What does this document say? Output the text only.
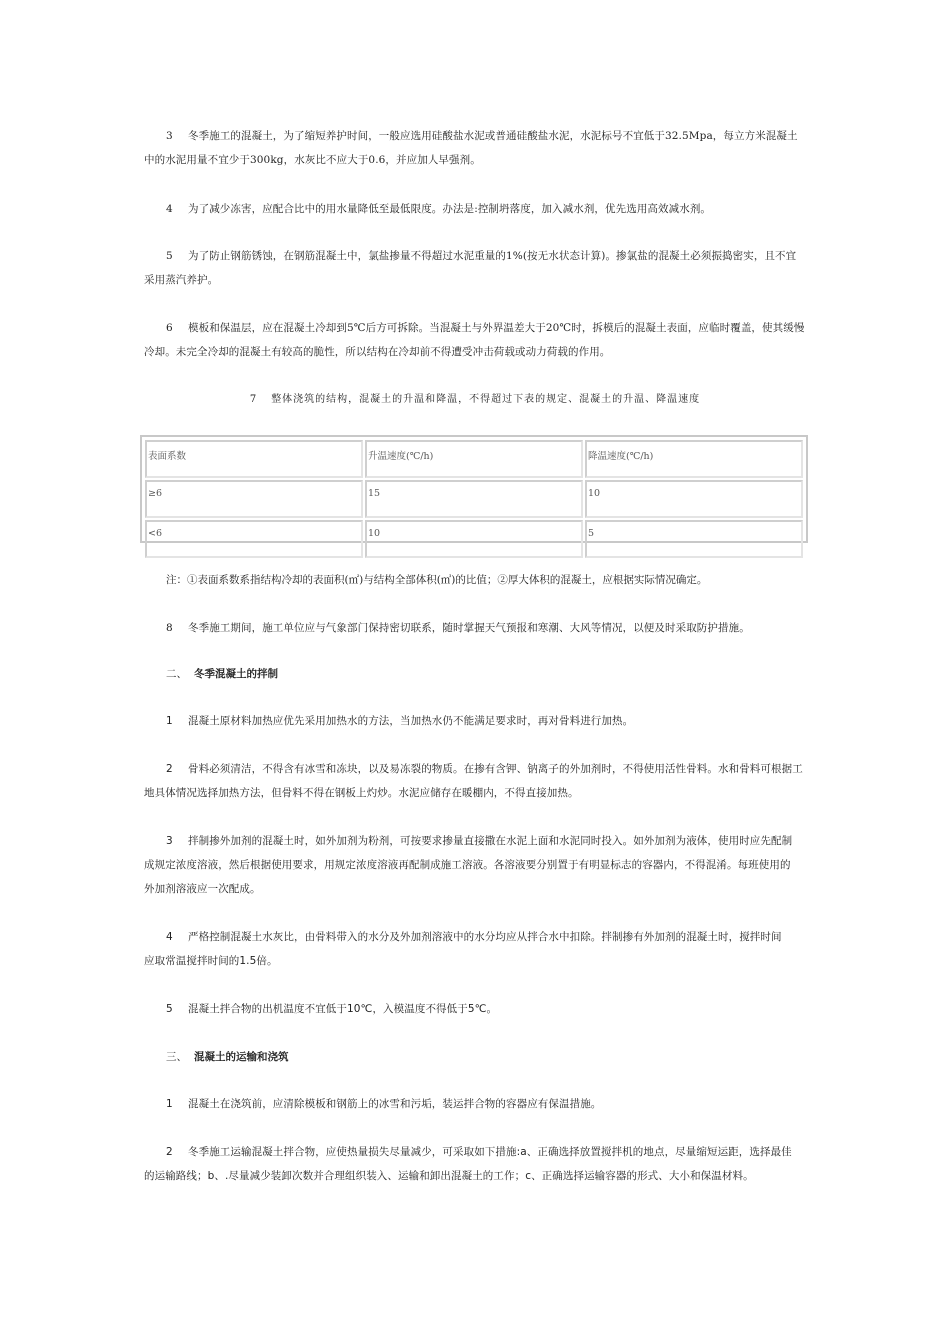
3 冬季施工的混凝土，为了缩短养护时间，一般应选用硅酸盐水泥或普通硅酸盐水泥，水泥标号不宜低于32.5Mpa，每立方米混凝土
中的水泥用量不宜少于300kg，水灰比不应大于0.6，并应加人早强剂。
4 为了减少冻害，应配合比中的用水量降低至最低限度。办法是:控制坍落度，加入减水剂，优先选用高效减水剂。
5 为了防止钢筋锈蚀，在钢筋混凝土中，氯盐掺量不得超过水泥重量的1%(按无水状态计算)。掺氯盐的混凝土必须振捣密实，且不宜
采用蒸汽养护。
6 模板和保温层，应在混凝土冷却到5℃后方可拆除。当混凝土与外界温差大于20℃时，拆模后的混凝土表面，应临时覆盖，使其缓慢
冷却。未完全冷却的混凝土有较高的脆性，所以结构在冷却前不得遭受冲击荷载或动力荷载的作用。
7 整体浇筑的结构，混凝土的升温和降温，不得超过下表的规定、混凝土的升温、降温速度
表面系数	升温速度(℃/h)	降温速度(℃/h)
≥6	15	10
<6	10	5
注：①表面系数系指结构冷却的表面积(㎡)与结构全部体积(㎥)的比值；②厚大体积的混凝土，应根据实际情况确定。
8 冬季施工期间，施工单位应与气象部门保持密切联系，随时掌握天气预报和寒潮、大风等情况，以便及时采取防护措施。
二、 冬季混凝土的拌制
1 混凝土原材料加热应优先采用加热水的方法，当加热水仍不能满足要求时，再对骨料进行加热。
2 骨料必须清洁，不得含有冰雪和冻块，以及易冻裂的物质。在掺有含钾、钠离子的外加剂时，不得使用活性骨料。水和骨料可根据工
地具体情况选择加热方法，但骨料不得在钢板上灼炒。水泥应储存在暖棚内，不得直接加热。
3 拌制掺外加剂的混凝土时，如外加剂为粉剂，可按要求掺量直接撒在水泥上面和水泥同时投入。如外加剂为液体，使用时应先配制
成规定浓度溶液，然后根据使用要求，用规定浓度溶液再配制成施工溶液。各溶液要分别置于有明显标志的容器内，不得混淆。每班使用的
外加剂溶液应一次配成。
4 严格控制混凝土水灰比，由骨料带入的水分及外加剂溶液中的水分均应从拌合水中扣除。拌制掺有外加剂的混凝土时，搅拌时间
应取常温搅拌时间的1.5倍。
5 混凝土拌合物的出机温度不宜低于10℃，入模温度不得低于5℃。
三、 混凝土的运输和浇筑
1 混凝土在浇筑前，应清除模板和钢筋上的冰雪和污垢，装运拌合物的容器应有保温措施。
2 冬季施工运输混凝土拌合物，应使热量损失尽量减少，可采取如下措施:a、正确选择放置搅拌机的地点，尽量缩短运距，选择最佳
的运输路线；b、.尽量减少装卸次数并合理组织装入、运输和卸出混凝土的工作；c、正确选择运输容器的形式、大小和保温材料。
